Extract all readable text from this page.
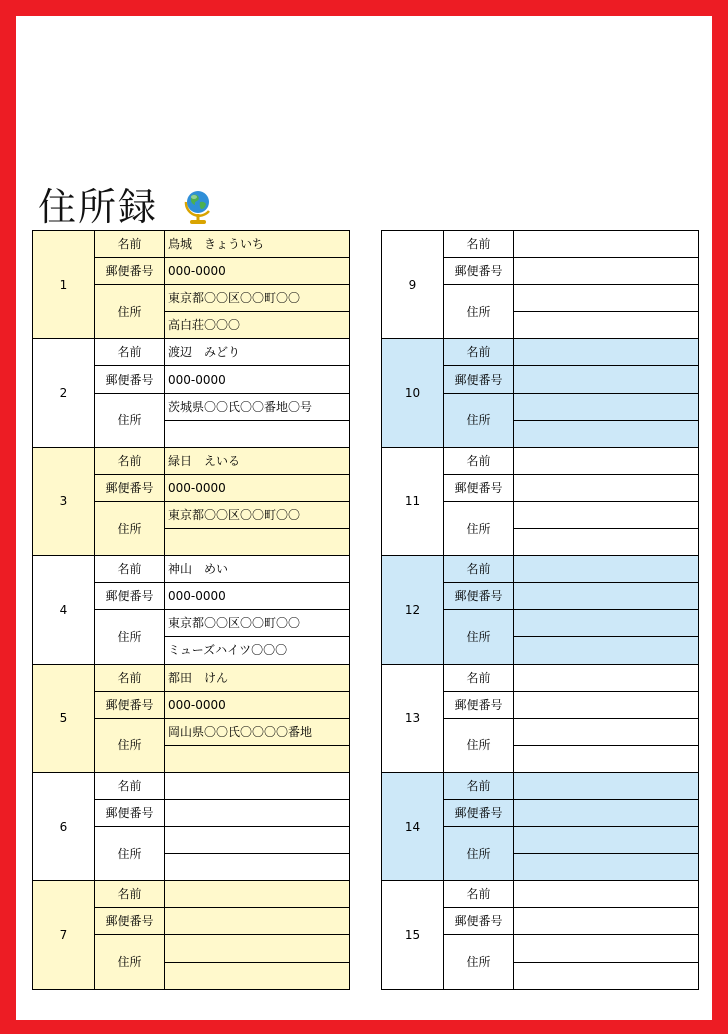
住所録
1	名前	鳥城　きょういち
	郵便番号	000-0000
	住所	東京都〇〇区〇〇町〇〇
		高白荘〇〇〇
2	名前	渡辺　みどり
	郵便番号	000-0000
	住所	茨城県〇〇氏〇〇番地〇号

3	名前	緑日　えいる
	郵便番号	000-0000
	住所	東京都〇〇区〇〇町〇〇

4	名前	神山　めい
	郵便番号	000-0000
	住所	東京都〇〇区〇〇町〇〇
		ミューズハイツ〇〇〇
5	名前	都田　けん
	郵便番号	000-0000
	住所	岡山県〇〇氏〇〇〇〇番地

6	名前	
	郵便番号	
	住所	

7	名前	
	郵便番号	
	住所	

9	名前	
	郵便番号	
	住所	

10	名前	
	郵便番号	
	住所	

11	名前	
	郵便番号	
	住所	

12	名前	
	郵便番号	
	住所	

13	名前	
	郵便番号	
	住所	

14	名前	
	郵便番号	
	住所	

15	名前	
	郵便番号	
	住所	
